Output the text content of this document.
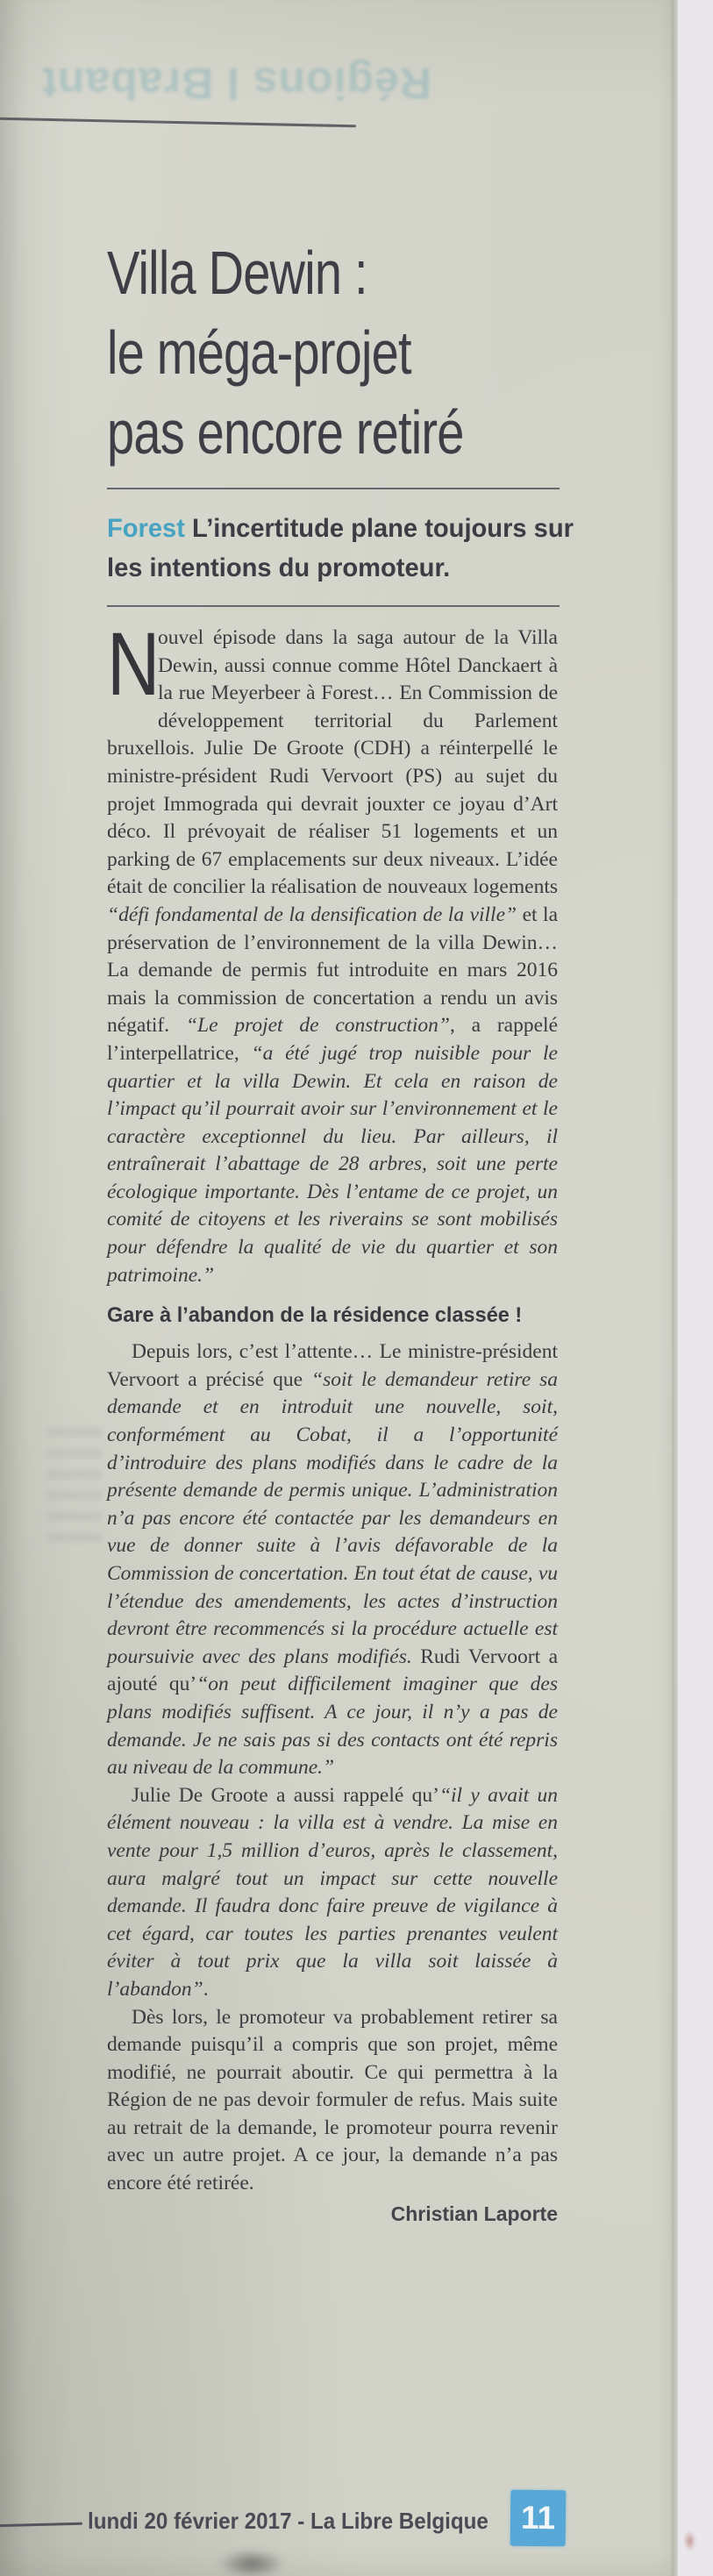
Régions l Brabant
Villa Dewin :
le méga-projet
pas encore retiré
Forest L’incertitude plane toujours sur les intentions du promoteur.

N
ouvel épisode dans la saga autour de la Villa Dewin, aussi connue comme Hôtel Danckaert à la rue Meyerbeer à Forest… En Commission de développement territorial du Parlement bruxellois. Julie De Groote (CDH) a réinterpellé le ministre-président Rudi Vervoort (PS) au sujet du projet Immograda qui devrait jouxter ce joyau d’Art déco. Il prévoyait de réaliser 51 logements et un parking de 67 emplacements sur deux niveaux. L’idée était de concilier la réalisation de nouveaux logements “défi fondamental de la densification de la ville” et la préservation de l’environnement de la villa Dewin… La demande de permis fut introduite en mars 2016 mais la commission de concertation a rendu un avis négatif. “Le projet de construction”, a rappelé l’interpellatrice, “a été jugé trop nuisible pour le quartier et la villa Dewin. Et cela en raison de l’impact qu’il pourrait avoir sur l’environnement et le caractère exceptionnel du lieu. Par ailleurs, il entraînerait l’abattage de 28 arbres, soit une perte écologique importante. Dès l’entame de ce projet, un comité de citoyens et les riverains se sont mobilisés pour défendre la qualité de vie du quartier et son patrimoine.”

Gare à l’abandon de la résidence classée !

Depuis lors, c’est l’attente… Le ministre-président Vervoort a précisé que “soit le demandeur retire sa demande et en introduit une nouvelle, soit, conformément au Cobat, il a l’opportunité d’introduire des plans modifiés dans le cadre de la présente demande de permis unique. L’administration n’a pas encore été contactée par les demandeurs en vue de donner suite à l’avis défavorable de la Commission de concertation. En tout état de cause, vu l’étendue des amendements, les actes d’instruction devront être recommencés si la procédure actuelle est poursuivie avec des plans modifiés. Rudi Vervoort a ajouté qu’“on peut difficilement imaginer que des plans modifiés suffisent. A ce jour, il n’y a pas de demande. Je ne sais pas si des contacts ont été repris au niveau de la commune.”

Julie De Groote a aussi rappelé qu’“il y avait un élément nouveau : la villa est à vendre. La mise en vente pour 1,5 million d’euros, après le classement, aura malgré tout un impact sur cette nouvelle demande. Il faudra donc faire preuve de vigilance à cet égard, car toutes les parties prenantes veulent éviter à tout prix que la villa soit laissée à l’abandon”.

Dès lors, le promoteur va probablement retirer sa demande puisqu’il a compris que son projet, même modifié, ne pourrait aboutir. Ce qui permettra à la Région de ne pas devoir formuler de refus. Mais suite au retrait de la demande, le promoteur pourra revenir avec un autre projet. A ce jour, la demande n’a pas encore été retirée.

Christian Laporte
lundi 20 février 2017 - La Libre Belgique 11
